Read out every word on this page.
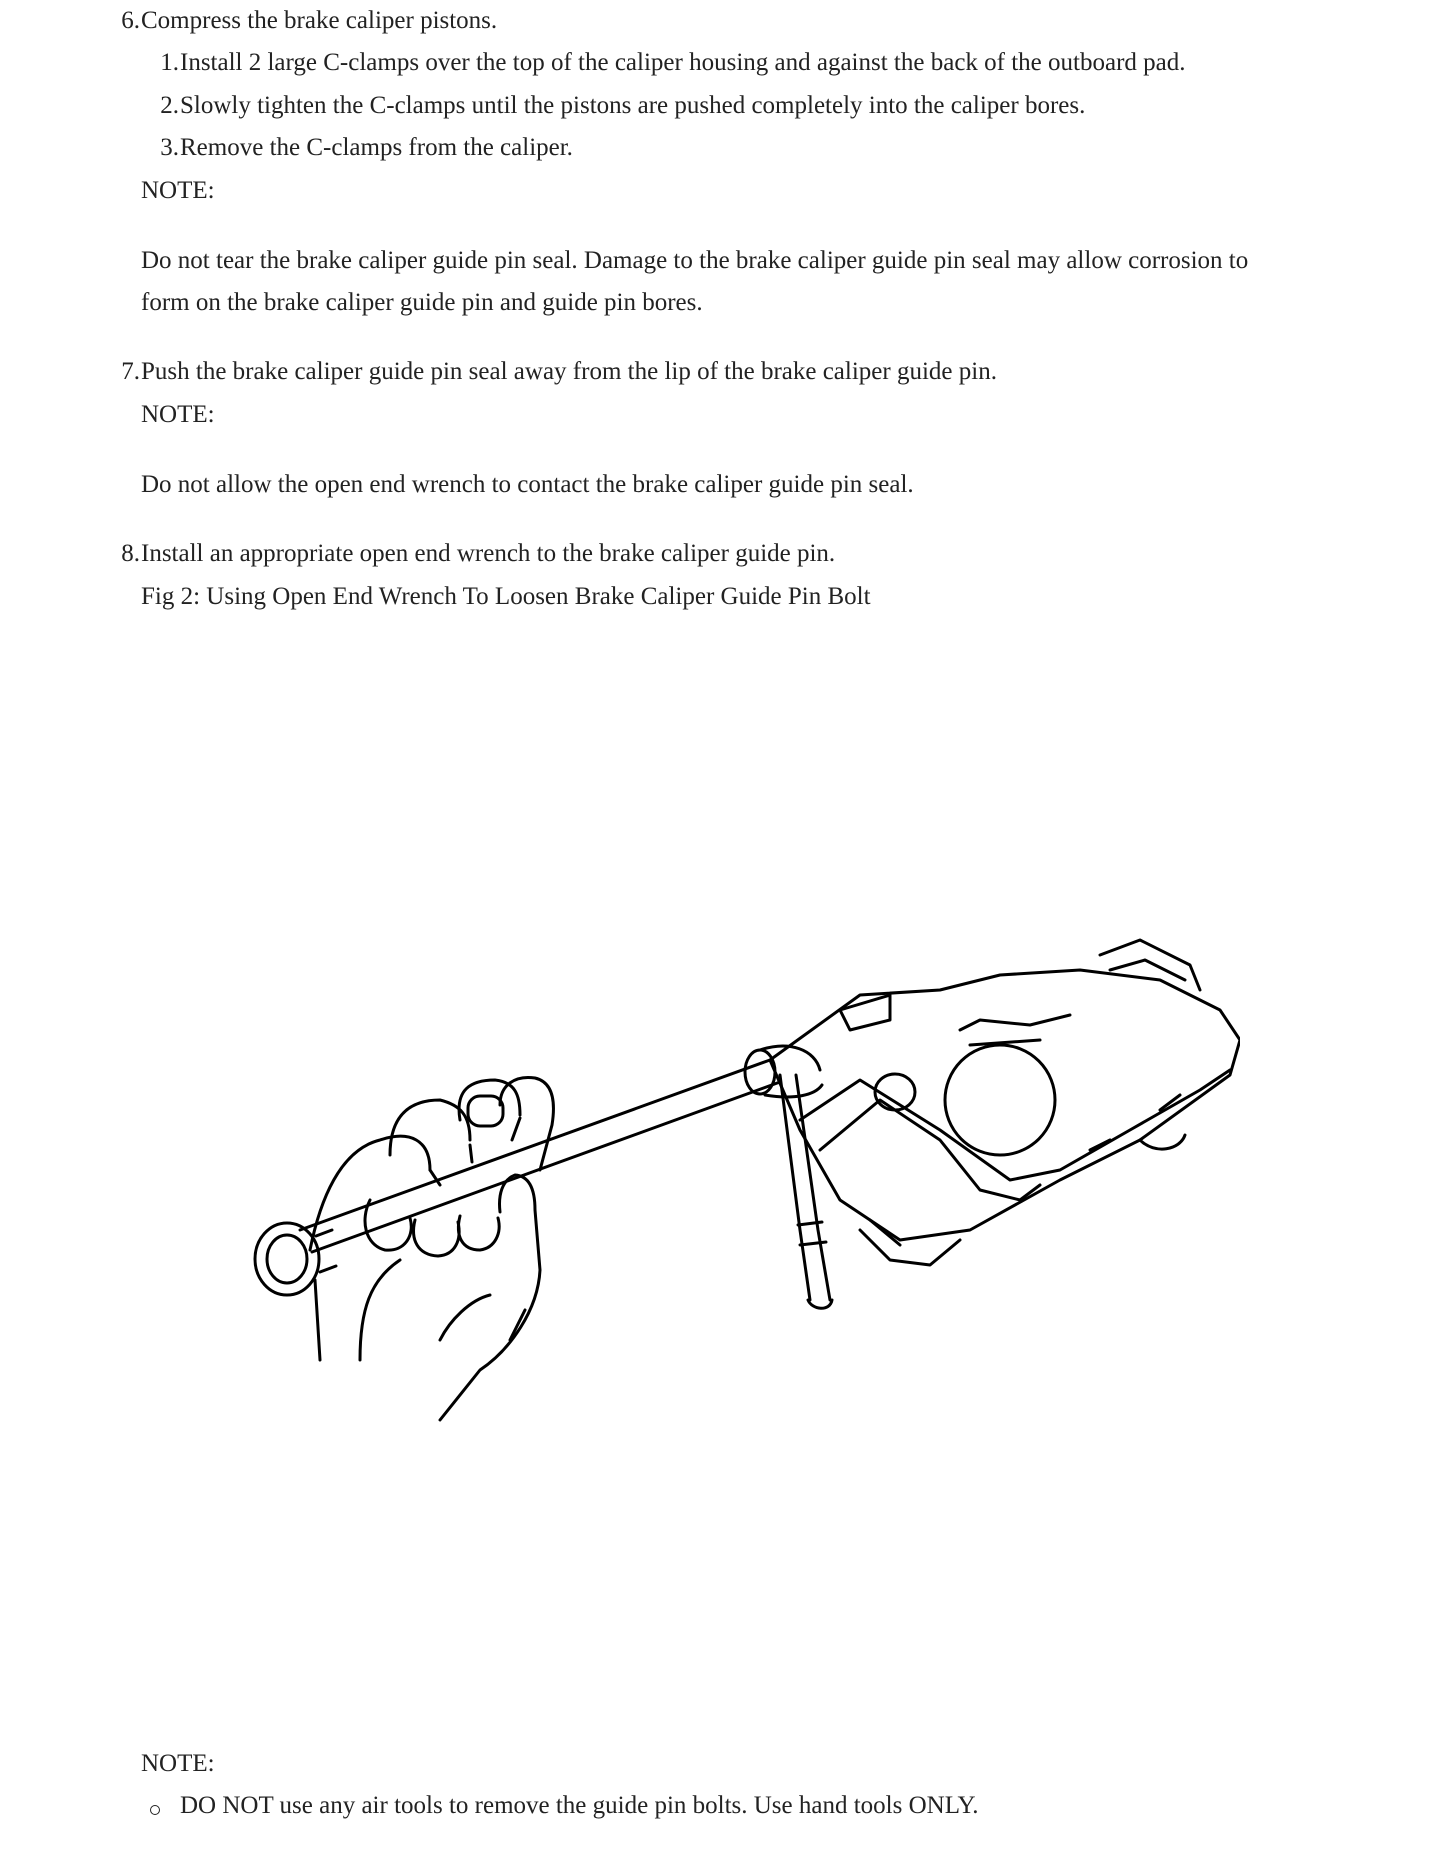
6. Compress the brake caliper pistons.
1. Install 2 large C-clamps over the top of the caliper housing and against the back of the outboard pad.
2. Slowly tighten the C-clamps until the pistons are pushed completely into the caliper bores.
3. Remove the C-clamps from the caliper.
NOTE:
Do not tear the brake caliper guide pin seal. Damage to the brake caliper guide pin seal may allow corrosion to
form on the brake caliper guide pin and guide pin bores.
7. Push the brake caliper guide pin seal away from the lip of the brake caliper guide pin.
NOTE:
Do not allow the open end wrench to contact the brake caliper guide pin seal.
8. Install an appropriate open end wrench to the brake caliper guide pin.
Fig 2: Using Open End Wrench To Loosen Brake Caliper Guide Pin Bolt
NOTE:
DO NOT use any air tools to remove the guide pin bolts. Use hand tools ONLY.
